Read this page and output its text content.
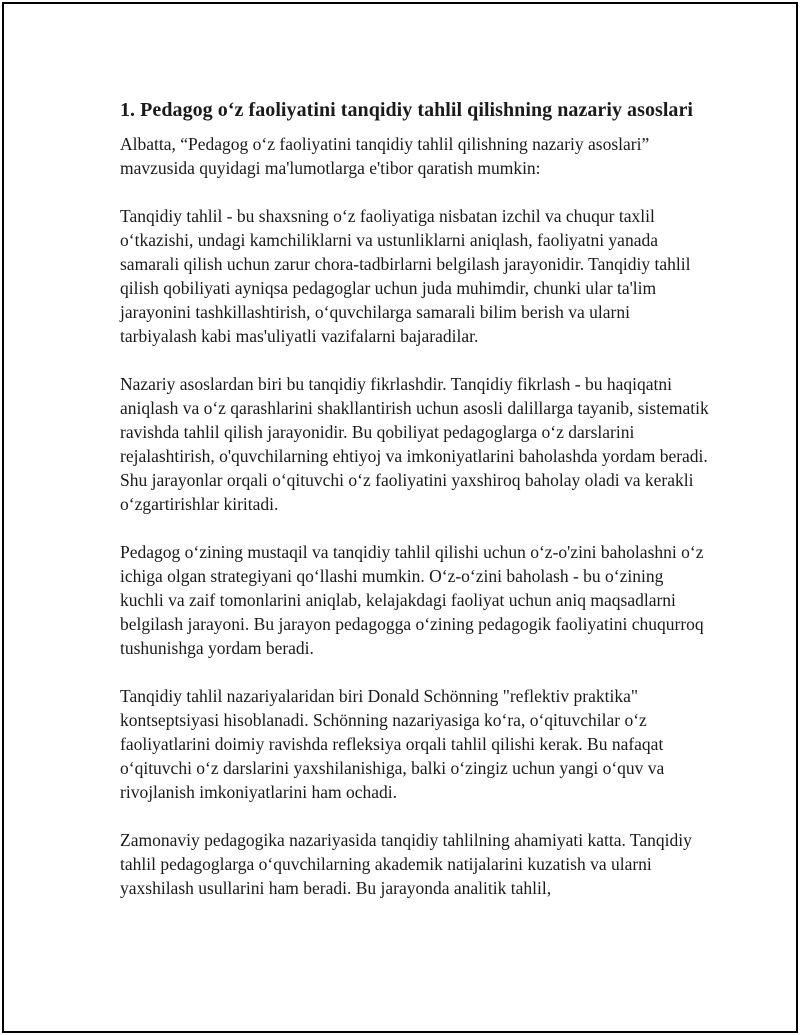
1. Pedagog o‘z faoliyatini tanqidiy tahlil qilishning nazariy asoslari

Albatta, “Pedagog o‘z faoliyatini tanqidiy tahlil qilishning nazariy asoslari” mavzusida quyidagi ma'lumotlarga e'tibor qaratish mumkin:

Tanqidiy tahlil - bu shaxsning o‘z faoliyatiga nisbatan izchil va chuqur taxlil o‘tkazishi, undagi kamchiliklarni va ustunliklarni aniqlash, faoliyatni yanada samarali qilish uchun zarur chora-tadbirlarni belgilash jarayonidir. Tanqidiy tahlil qilish qobiliyati ayniqsa pedagoglar uchun juda muhimdir, chunki ular ta'lim jarayonini tashkillashtirish, o‘quvchilarga samarali bilim berish va ularni tarbiyalash kabi mas'uliyatli vazifalarni bajaradilar.

Nazariy asoslardan biri bu tanqidiy fikrlashdir. Tanqidiy fikrlash - bu haqiqatni aniqlash va o‘z qarashlarini shakllantirish uchun asosli dalillarga tayanib, sistematik ravishda tahlil qilish jarayonidir. Bu qobiliyat pedagoglarga o‘z darslarini rejalashtirish, o'quvchilarning ehtiyoj va imkoniyatlarini baholashda yordam beradi. Shu jarayonlar orqali o‘qituvchi o‘z faoliyatini yaxshiroq baholay oladi va kerakli o‘zgartirishlar kiritadi.

Pedagog o‘zining mustaqil va tanqidiy tahlil qilishi uchun o‘z-o'zini baholashni o‘z ichiga olgan strategiyani qo‘llashi mumkin. O‘z-o‘zini baholash - bu o‘zining kuchli va zaif tomonlarini aniqlab, kelajakdagi faoliyat uchun aniq maqsadlarni belgilash jarayoni. Bu jarayon pedagogga o‘zining pedagogik faoliyatini chuqurroq tushunishga yordam beradi.

Tanqidiy tahlil nazariyalaridan biri Donald Schönning "reflektiv praktika" kontseptsiyasi hisoblanadi. Schönning nazariyasiga ko‘ra, o‘qituvchilar o‘z faoliyatlarini doimiy ravishda refleksiya orqali tahlil qilishi kerak. Bu nafaqat o‘qituvchi o‘z darslarini yaxshilanishiga, balki o‘zingiz uchun yangi o‘quv va rivojlanish imkoniyatlarini ham ochadi.

Zamonaviy pedagogika nazariyasida tanqidiy tahlilning ahamiyati katta. Tanqidiy tahlil pedagoglarga o‘quvchilarning akademik natijalarini kuzatish va ularni yaxshilash usullarini ham beradi. Bu jarayonda analitik tahlil,
